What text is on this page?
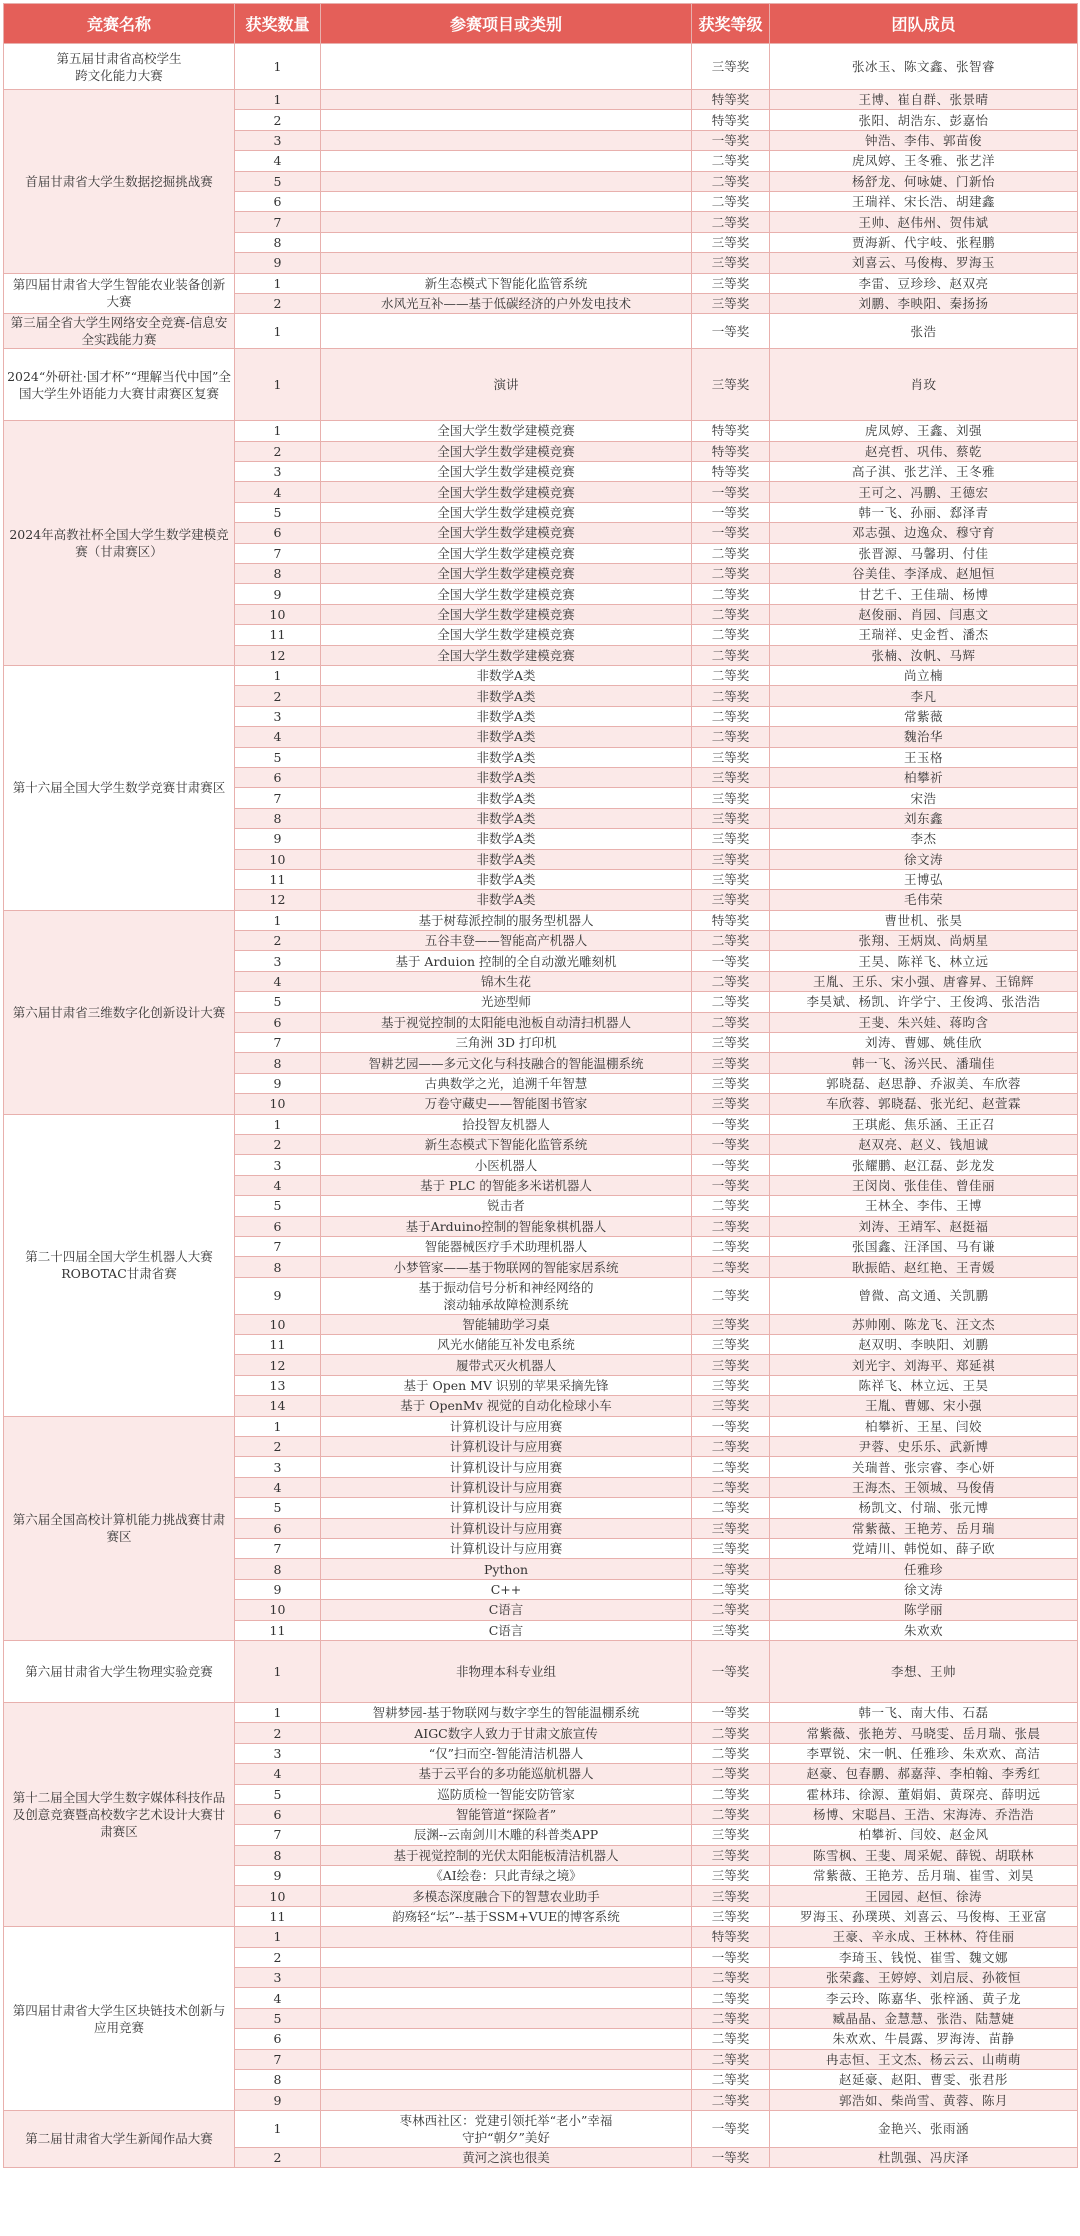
竞赛名称	获奖数量	参赛项目或类别	获奖等级	团队成员
第五届甘肃省高校学生
跨文化能力大赛	1		三等奖	张冰玉、陈文鑫、张智睿
首届甘肃省大学生数据挖掘挑战赛	1		特等奖	王博、崔自群、张景晴
	2		特等奖	张阳、胡浩东、彭嘉怡
	3		一等奖	钟浩、李伟、郭苗俊
	4		二等奖	虎凤婷、王冬雅、张艺洋
	5		二等奖	杨舒龙、何咏婕、门新怡
	6		二等奖	王瑞祥、宋长浩、胡建鑫
	7		二等奖	王帅、赵伟州、贺伟斌
	8		三等奖	贾海新、代宇岐、张程鹏
	9		三等奖	刘喜云、马俊梅、罗海玉
第四届甘肃省大学生智能农业装备创新大赛	1	新生态模式下智能化监管系统	三等奖	李雷、豆珍珍、赵双亮
	2	水风光互补——基于低碳经济的户外发电技术	三等奖	刘鹏、李映阳、秦扬扬
第三届全省大学生网络安全竞赛-信息安全实践能力赛	1		一等奖	张浩
2024“外研社·国才杯”“理解当代中国”全国大学生外语能力大赛甘肃赛区复赛	1	演讲	三等奖	肖玫
2024年高教社杯全国大学生数学建模竞赛（甘肃赛区）	1	全国大学生数学建模竞赛	特等奖	虎凤婷、王鑫、刘强
	2	全国大学生数学建模竞赛	特等奖	赵亮哲、巩伟、蔡乾
	3	全国大学生数学建模竞赛	特等奖	高子淇、张艺洋、王冬雅
	4	全国大学生数学建模竞赛	一等奖	王可之、冯鹏、王德宏
	5	全国大学生数学建模竞赛	一等奖	韩一飞、孙丽、郄泽青
	6	全国大学生数学建模竞赛	一等奖	邓志强、边逸众、穆守育
	7	全国大学生数学建模竞赛	二等奖	张晋源、马馨玥、付佳
	8	全国大学生数学建模竞赛	二等奖	谷美佳、李泽成、赵旭恒
	9	全国大学生数学建模竞赛	二等奖	甘艺千、王佳瑞、杨博
	10	全国大学生数学建模竞赛	二等奖	赵俊丽、肖园、闫惠文
	11	全国大学生数学建模竞赛	二等奖	王瑞祥、史金哲、潘杰
	12	全国大学生数学建模竞赛	二等奖	张楠、汝帆、马辉
第十六届全国大学生数学竞赛甘肃赛区	1	非数学A类	二等奖	尚立楠
	2	非数学A类	二等奖	李凡
	3	非数学A类	二等奖	常紫薇
	4	非数学A类	二等奖	魏治华
	5	非数学A类	三等奖	王玉格
	6	非数学A类	三等奖	柏攀祈
	7	非数学A类	三等奖	宋浩
	8	非数学A类	三等奖	刘东鑫
	9	非数学A类	三等奖	李杰
	10	非数学A类	三等奖	徐文涛
	11	非数学A类	三等奖	王博弘
	12	非数学A类	三等奖	毛伟荣
第六届甘肃省三维数字化创新设计大赛	1	基于树莓派控制的服务型机器人	特等奖	曹世机、张昊
	2	五谷丰登——智能高产机器人	二等奖	张翔、王炳岚、尚炳星
	3	基于 Arduion 控制的全自动激光雕刻机	一等奖	王昊、陈祥飞、林立远
	4	锦木生花	二等奖	王胤、王乐、宋小强、唐睿昇、王锦辉
	5	光迹型师	二等奖	李昊斌、杨凯、许学宁、王俊鸿、张浩浩
	6	基于视觉控制的太阳能电池板自动清扫机器人	二等奖	王斐、朱兴娃、蒋昀含
	7	三角洲 3D 打印机	三等奖	刘涛、曹娜、姚佳欣
	8	智耕艺园——多元文化与科技融合的智能温棚系统	三等奖	韩一飞、汤兴民、潘瑞佳
	9	古典数学之光，追溯千年智慧	三等奖	郭晓磊、赵思静、乔淑美、车欣蓉
	10	万卷守藏史——智能图书管家	三等奖	车欣蓉、郭晓磊、张光纪、赵萱霖
第二十四届全国大学生机器人大赛ROBOTAC甘肃省赛	1	拾投智友机器人	一等奖	王琪彪、焦乐涵、王正召
	2	新生态模式下智能化监管系统	一等奖	赵双亮、赵义、钱旭诚
	3	小医机器人	一等奖	张耀鹏、赵江磊、彭龙发
	4	基于 PLC 的智能多米诺机器人	一等奖	王闵岗、张佳佳、曾佳丽
	5	锐击者	二等奖	王林全、李伟、王博
	6	基于Arduino控制的智能象棋机器人	二等奖	刘涛、王靖军、赵挺福
	7	智能器械医疗手术助理机器人	二等奖	张国鑫、汪泽国、马有谦
	8	小梦管家——基于物联网的智能家居系统	二等奖	耿振皓、赵红艳、王青媛
	9	基于振动信号分析和神经网络的
滚动轴承故障检测系统	二等奖	曾微、高文通、关凯鹏
	10	智能辅助学习桌	三等奖	苏帅刚、陈龙飞、汪文杰
	11	风光水储能互补发电系统	三等奖	赵双明、李映阳、刘鹏
	12	履带式灭火机器人	三等奖	刘光宇、刘海平、郑延祺
	13	基于 Open MV 识别的苹果采摘先锋	三等奖	陈祥飞、林立远、王昊
	14	基于 OpenMv 视觉的自动化检球小车	三等奖	王胤、曹娜、宋小强
第六届全国高校计算机能力挑战赛甘肃赛区	1	计算机设计与应用赛	一等奖	柏攀祈、王星、闫姣
	2	计算机设计与应用赛	二等奖	尹蓉、史乐乐、武新博
	3	计算机设计与应用赛	二等奖	关瑞普、张宗睿、李心妍
	4	计算机设计与应用赛	二等奖	王海杰、王领城、马俊倩
	5	计算机设计与应用赛	二等奖	杨凯文、付瑞、张元博
	6	计算机设计与应用赛	三等奖	常紫薇、王艳芳、岳月瑞
	7	计算机设计与应用赛	三等奖	党靖川、韩悦如、薛子欧
	8	Python	二等奖	任雅珍
	9	C++	二等奖	徐文涛
	10	C语言	二等奖	陈学丽
	11	C语言	三等奖	朱欢欢
第六届甘肃省大学生物理实验竞赛	1	非物理本科专业组	一等奖	李想、王帅
第十二届全国大学生数字媒体科技作品及创意竞赛暨高校数字艺术设计大赛甘肃赛区	1	智耕梦园-基于物联网与数字孪生的智能温棚系统	一等奖	韩一飞、南大伟、石磊
	2	AIGC数字人致力于甘肃文旅宣传	二等奖	常紫薇、张艳芳、马晓雯、岳月瑞、张晨
	3	“仅”扫而空-智能清洁机器人	二等奖	李覃锐、宋一帆、任雅珍、朱欢欢、高洁
	4	基于云平台的多功能巡航机器人	二等奖	赵豪、包春鹏、郝嘉萍、李柏翰、李秀红
	5	巡防质检一智能安防管家	二等奖	霍林玮、徐源、董娟娟、黄琛亮、薛明远
	6	智能管道“探险者”	二等奖	杨博、宋聪昌、王浩、宋海涛、乔浩浩
	7	辰渊--云南剑川木雕的科普类APP	三等奖	柏攀祈、闫姣、赵金风
	8	基于视觉控制的光伏太阳能板清洁机器人	三等奖	陈雪枫、王斐、周采妮、薛锐、胡联林
	9	《AI绘卷：只此青绿之境》	三等奖	常紫薇、王艳芳、岳月瑞、崔雪、刘昊
	10	多模态深度融合下的智慧农业助手	三等奖	王园园、赵恒、徐涛
	11	韵殇轻“坛”--基于SSM+VUE的博客系统	三等奖	罗海玉、孙璞瑛、刘喜云、马俊梅、王亚富
第四届甘肃省大学生区块链技术创新与应用竞赛	1		特等奖	王豪、辛永成、王林林、符佳丽
	2		一等奖	李琦玉、钱悦、崔雪、魏文娜
	3		二等奖	张荣鑫、王婷婷、刘启辰、孙筱恒
	4		二等奖	李云玲、陈嘉华、张梓涵、黄子龙
	5		二等奖	臧晶晶、金慧慧、张浩、陆慧婕
	6		二等奖	朱欢欢、牛晨露、罗海涛、苗静
	7		二等奖	冉志恒、王文杰、杨云云、山萌萌
	8		二等奖	赵延豪、赵阳、曹雯、张君彤
	9		二等奖	郭浩如、柴尚雪、黄蓉、陈月
第二届甘肃省大学生新闻作品大赛	1	枣林西社区：党建引领托举“老小”幸福
守护“朝夕”美好	一等奖	金艳兴、张雨涵
	2	黄河之滨也很美	一等奖	杜凯强、冯庆泽
